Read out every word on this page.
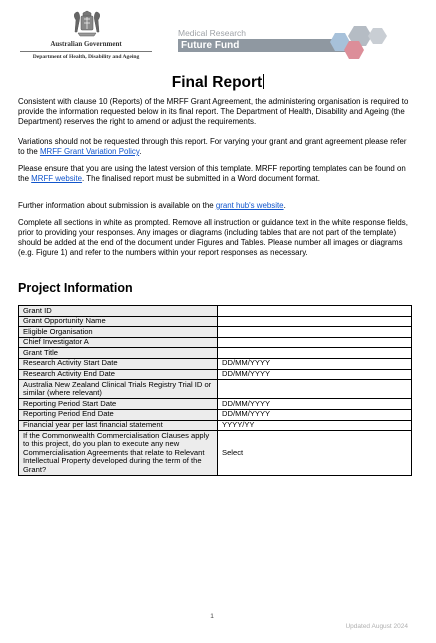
Australian Government
Department of Health, Disability and Ageing
Medical Research
Future Fund
Final Report

Consistent with clause 10 (Reports) of the MRFF Grant Agreement, the administering organisation is required to provide the information requested below in its final report. The Department of Health, Disability and Ageing (the Department) reserves the right to amend or adjust the requirements.

Variations should not be requested through this report. For varying your grant and grant agreement please refer to the MRFF Grant Variation Policy.

Please ensure that you are using the latest version of this template. MRFF reporting templates can be found on the MRFF website. The finalised report must be submitted in a Word document format.

Further information about submission is available on the grant hub's website.

Complete all sections in white as prompted. Remove all instruction or guidance text in the white response fields, prior to providing your responses. Any images or diagrams (including tables that are not part of the template) should be added at the end of the document under Figures and Tables. Please number all images or diagrams (e.g. Figure 1) and refer to the numbers within your report responses as necessary.

Project Information
Grant ID	
Grant Opportunity Name	
Eligible Organisation	
Chief Investigator A	
Grant Title	
Research Activity Start Date	DD/MM/YYYY
Research Activity End Date	DD/MM/YYYY
Australia New Zealand Clinical Trials Registry Trial ID or similar (where relevant)	
Reporting Period Start Date	DD/MM/YYYY
Reporting Period End Date	DD/MM/YYYY
Financial year per last financial statement	YYYY/YY
If the Commonwealth Commercialisation Clauses apply to this project, do you plan to execute any new Commercialisation Agreements that relate to Relevant Intellectual Property developed during the term of the Grant?	Select
1
Updated August 2024
